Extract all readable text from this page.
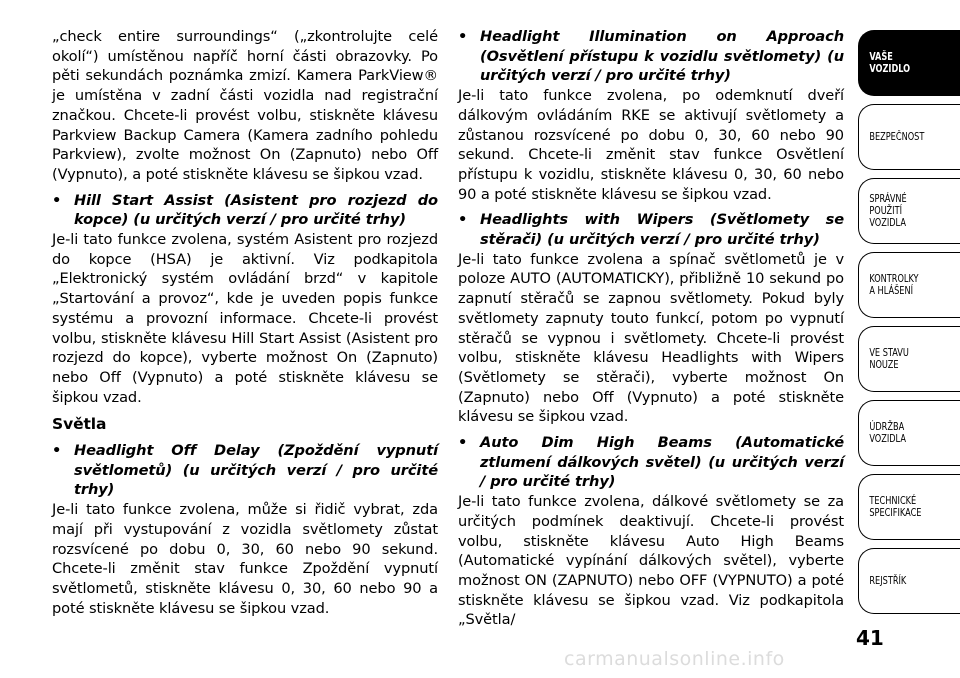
„check entire surroundings“ („zkontrolujte celé okolí“) umístěnou napříč horní části obrazovky. Po pěti sekundách poznámka zmizí. Kamera ParkView® je umístěna v zadní části vozidla nad registrační značkou. Chcete-li provést volbu, stiskněte klávesu Parkview Backup Camera (Kamera zadního pohledu Parkview), zvolte možnost On (Zapnuto) nebo Off (Vypnuto), a poté stiskněte klávesu se šipkou vzad.

• Hill Start Assist (Asistent pro rozjezd do kopce) (u určitých verzí / pro určité trhy)

Je-li tato funkce zvolena, systém Asistent pro rozjezd do kopce (HSA) je aktivní. Viz podkapitola „Elektronický systém ovládání brzd“ v kapitole „Startování a provoz“, kde je uveden popis funkce systému a provozní informace. Chcete-li provést volbu, stiskněte klávesu Hill Start Assist (Asistent pro rozjezd do kopce), vyberte možnost On (Zapnuto) nebo Off (Vypnuto) a poté stiskněte klávesu se šipkou vzad.

Světla

• Headlight Off Delay (Zpoždění vypnutí světlometů) (u určitých verzí / pro určité trhy)

Je-li tato funkce zvolena, může si řidič vybrat, zda mají při vystupování z vozidla světlomety zůstat rozsvícené po dobu 0, 30, 60 nebo 90 sekund. Chcete-li změnit stav funkce Zpoždění vypnutí světlometů, stiskněte klávesu 0, 30, 60 nebo 90 a poté stiskněte klávesu se šipkou vzad.

• Headlight Illumination on Approach (Osvětlení přístupu k vozidlu světlomety) (u určitých verzí / pro určité trhy)

Je-li tato funkce zvolena, po odemknutí dveří dálkovým ovládáním RKE se aktivují světlomety a zůstanou rozsvícené po dobu 0, 30, 60 nebo 90 sekund. Chcete-li změnit stav funkce Osvětlení přístupu k vozidlu, stiskněte klávesu 0, 30, 60 nebo 90 a poté stiskněte klávesu se šipkou vzad.

• Headlights with Wipers (Světlomety se stěrači) (u určitých verzí / pro určité trhy)

Je-li tato funkce zvolena a spínač světlometů je v poloze AUTO (AUTOMATICKY), přibližně 10 sekund po zapnutí stěračů se zapnou světlomety. Pokud byly světlomety zapnuty touto funkcí, potom po vypnutí stěračů se vypnou i světlomety. Chcete-li provést volbu, stiskněte klávesu Headlights with Wipers (Světlomety se stěrači), vyberte možnost On (Zapnuto) nebo Off (Vypnuto) a poté stiskněte klávesu se šipkou vzad.

• Auto Dim High Beams (Automatické ztlumení dálkových světel) (u určitých verzí / pro určité trhy)

Je-li tato funkce zvolena, dálkové světlomety se za určitých podmínek deaktivují. Chcete-li provést volbu, stiskněte klávesu Auto High Beams (Automatické vypínání dálkových světel), vyberte možnost ON (ZAPNUTO) nebo OFF (VYPNUTO) a poté stiskněte klávesu se šipkou vzad. Viz podkapitola „Světla/

VAŠE
VOZIDLO
BEZPEČNOST
SPRÁVNÉ
POUŽITÍ
VOZIDLA
KONTROLKY
A HLÁŠENÍ
VE STAVU
NOUZE
ÚDRŽBA
VOZIDLA
TECHNICKÉ
SPECIFIKACE
REJSTŘÍK
41
carmanualsonline.info
